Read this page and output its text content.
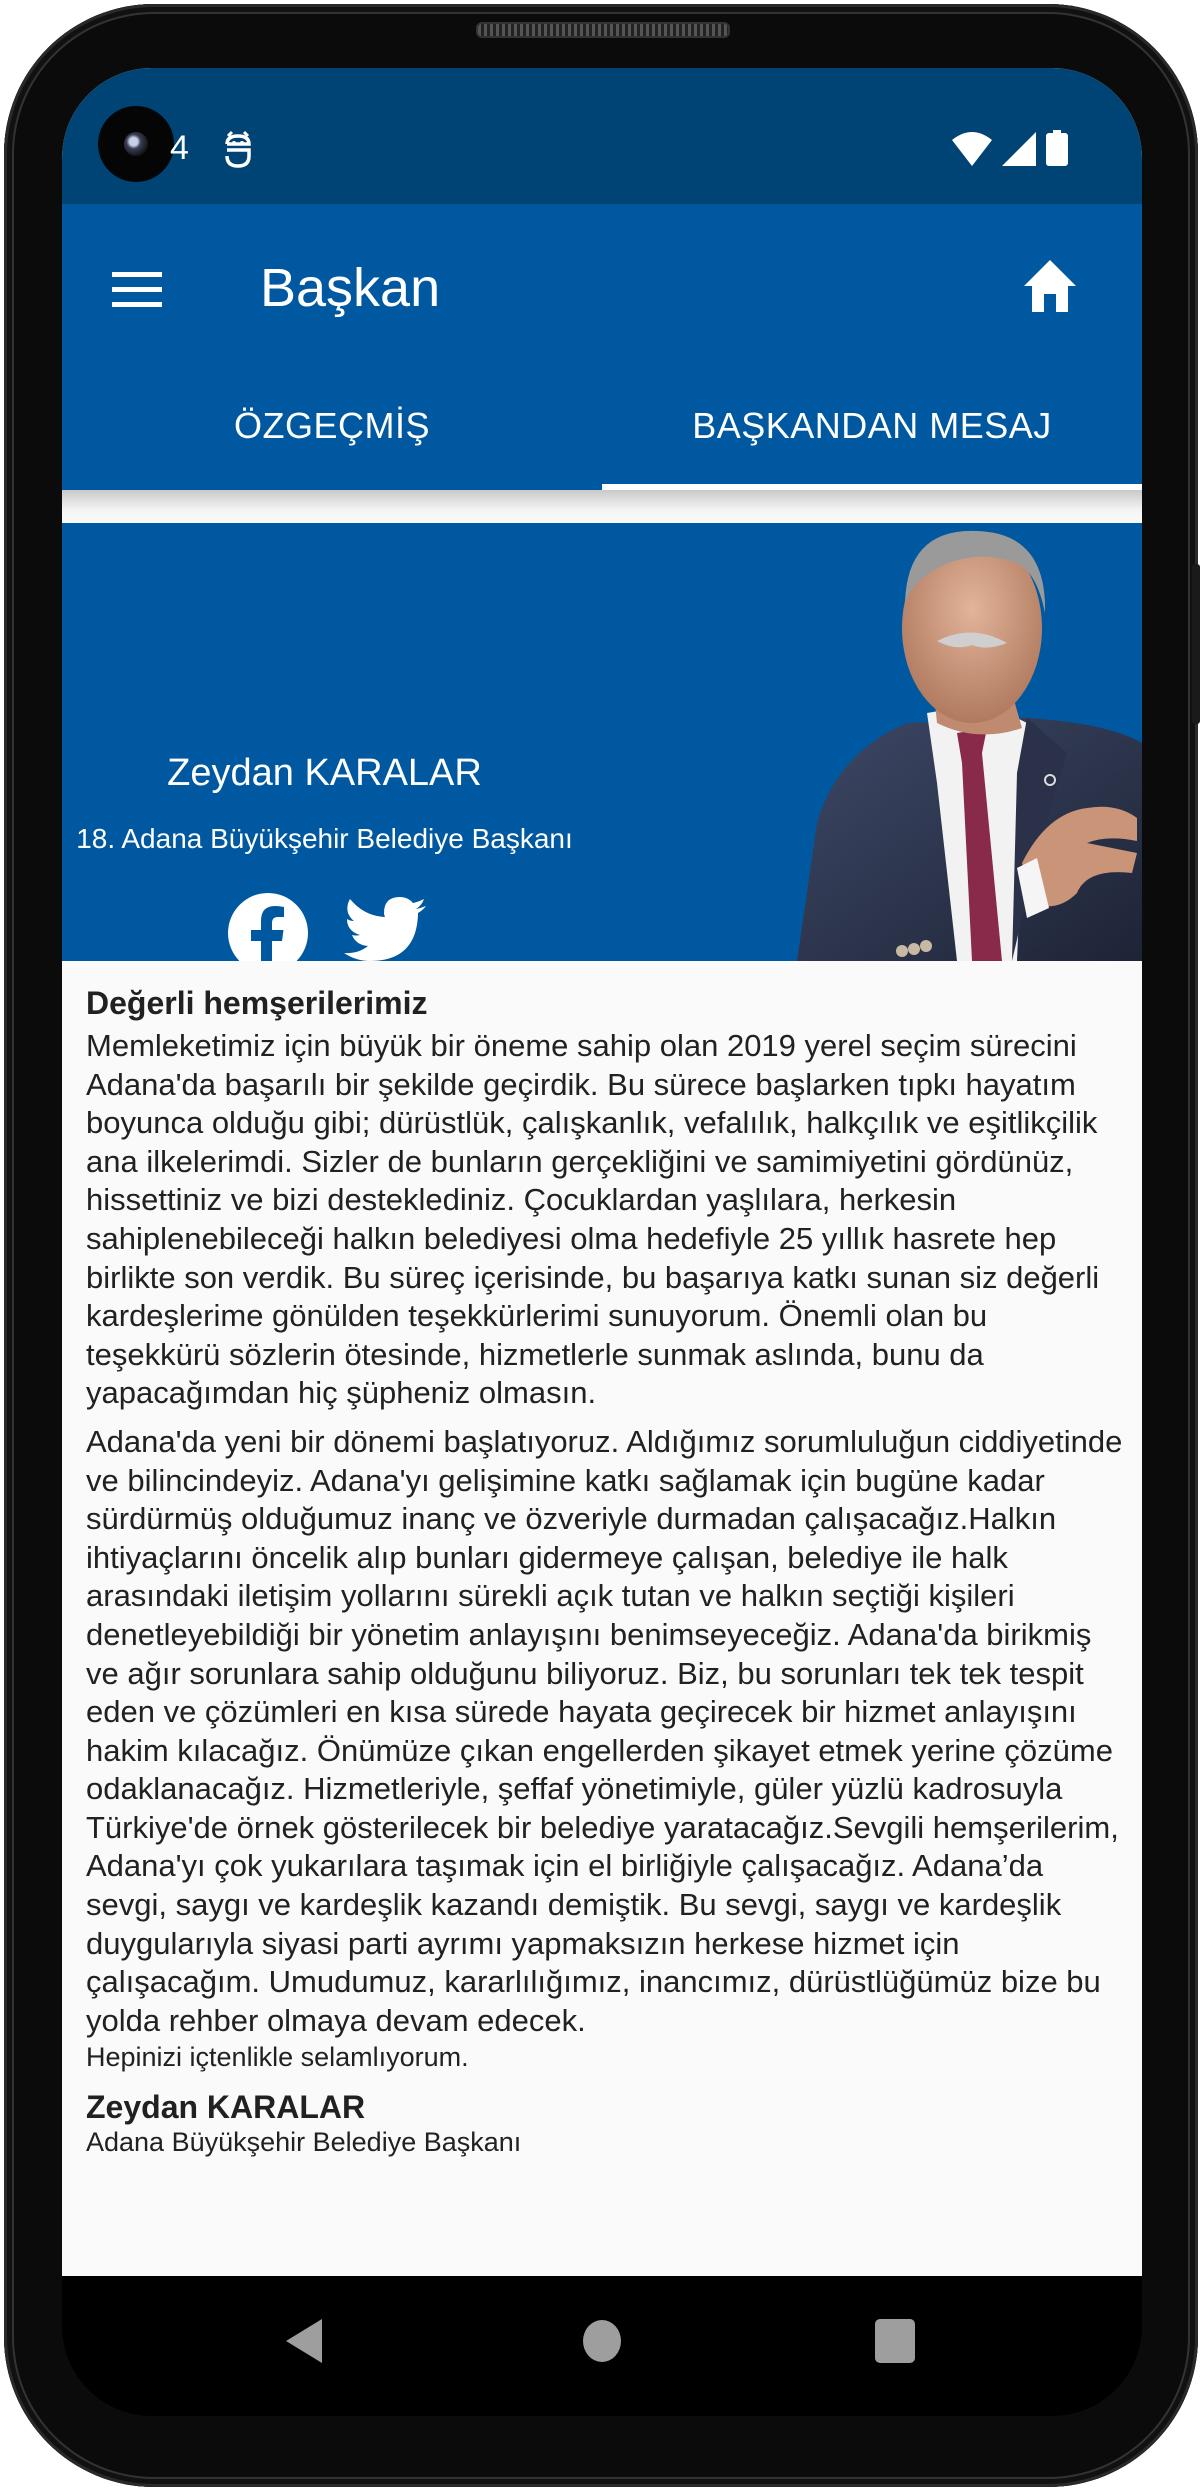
4
Başkan
ÖZGEÇMİŞ	BAŞKANDAN MESAJ
Zeydan KARALAR
18. Adana Büyükşehir Belediye Başkanı

Değerli hemşerilerimiz

Memleketimiz için büyük bir öneme sahip olan 2019 yerel seçim sürecini Adana'da başarılı bir şekilde geçirdik. Bu sürece başlarken tıpkı hayatım boyunca olduğu gibi; dürüstlük, çalışkanlık, vefalılık, halkçılık ve eşitlikçilik ana ilkelerimdi. Sizler de bunların gerçekliğini ve samimiyetini gördünüz, hissettiniz ve bizi desteklediniz. Çocuklardan yaşlılara, herkesin sahiplenebileceği halkın belediyesi olma hedefiyle 25 yıllık hasrete hep birlikte son verdik. Bu süreç içerisinde, bu başarıya katkı sunan siz değerli kardeşlerime gönülden teşekkürlerimi sunuyorum. Önemli olan bu teşekkürü sözlerin ötesinde, hizmetlerle sunmak aslında, bunu da yapacağımdan hiç şüpheniz olmasın.

Adana'da yeni bir dönemi başlatıyoruz. Aldığımız sorumluluğun ciddiyetinde ve bilincindeyiz. Adana'yı gelişimine katkı sağlamak için bugüne kadar sürdürmüş olduğumuz inanç ve özveriyle durmadan çalışacağız.Halkın ihtiyaçlarını öncelik alıp bunları gidermeye çalışan, belediye ile halk arasındaki iletişim yollarını sürekli açık tutan ve halkın seçtiği kişileri denetleyebildiği bir yönetim anlayışını benimseyeceğiz. Adana'da birikmiş ve ağır sorunlara sahip olduğunu biliyoruz. Biz, bu sorunları tek tek tespit eden ve çözümleri en kısa sürede hayata geçirecek bir hizmet anlayışını hakim kılacağız. Önümüze çıkan engellerden şikayet etmek yerine çözüme odaklanacağız. Hizmetleriyle, şeffaf yönetimiyle, güler yüzlü kadrosuyla Türkiye'de örnek gösterilecek bir belediye yaratacağız.Sevgili hemşerilerim, Adana'yı çok yukarılara taşımak için el birliğiyle çalışacağız. Adana’da sevgi, saygı ve kardeşlik kazandı demiştik. Bu sevgi, saygı ve kardeşlik duygularıyla siyasi parti ayrımı yapmaksızın herkese hizmet için çalışacağım. Umudumuz, kararlılığımız, inancımız, dürüstlüğümüz bize bu yolda rehber olmaya devam edecek.

Hepinizi içtenlikle selamlıyorum.

Zeydan KARALAR

Adana Büyükşehir Belediye Başkanı
